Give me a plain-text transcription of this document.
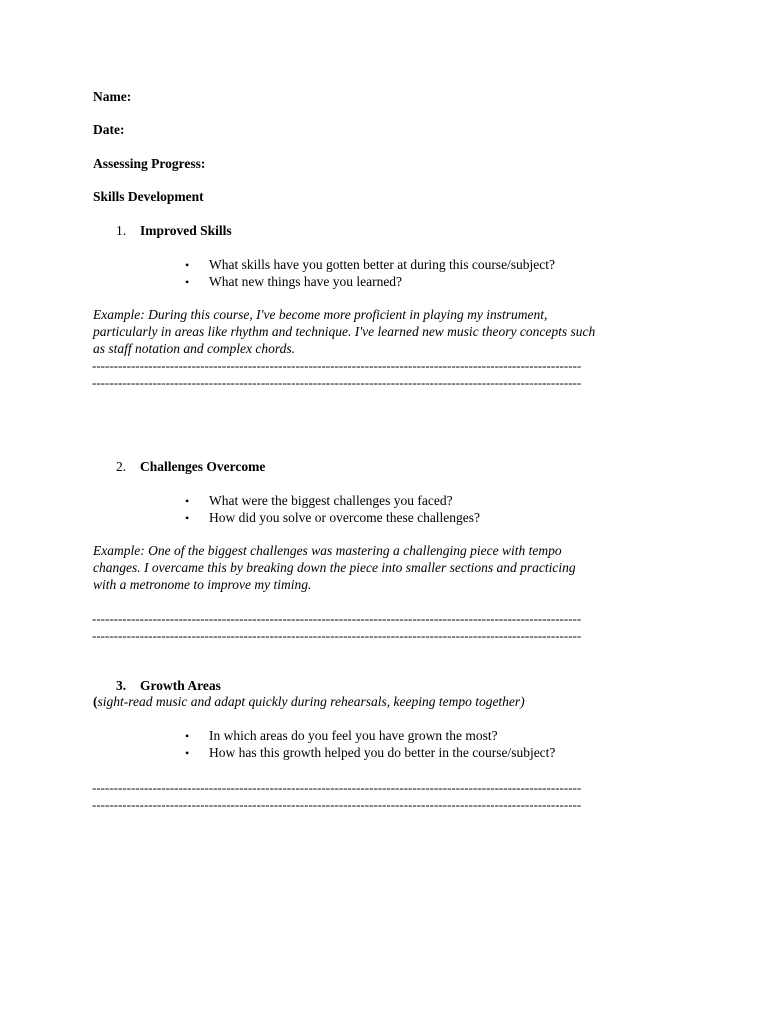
Name:
Date:
Assessing Progress:
Skills Development
1. Improved Skills
• What skills have you gotten better at during this course/subject?
• What new things have you learned?
Example: During this course, I've become more proficient in playing my instrument,
particularly in areas like rhythm and technique. I've learned new music theory concepts such
as staff notation and complex chords.
-----------------------------------------------------------------------------------------------------------------
-----------------------------------------------------------------------------------------------------------------
2. Challenges Overcome
• What were the biggest challenges you faced?
• How did you solve or overcome these challenges?
Example: One of the biggest challenges was mastering a challenging piece with tempo
changes. I overcame this by breaking down the piece into smaller sections and practicing
with a metronome to improve my timing.
-----------------------------------------------------------------------------------------------------------------
-----------------------------------------------------------------------------------------------------------------
3. Growth Areas
(sight-read music and adapt quickly during rehearsals, keeping tempo together)
• In which areas do you feel you have grown the most?
• How has this growth helped you do better in the course/subject?
-----------------------------------------------------------------------------------------------------------------
-----------------------------------------------------------------------------------------------------------------
